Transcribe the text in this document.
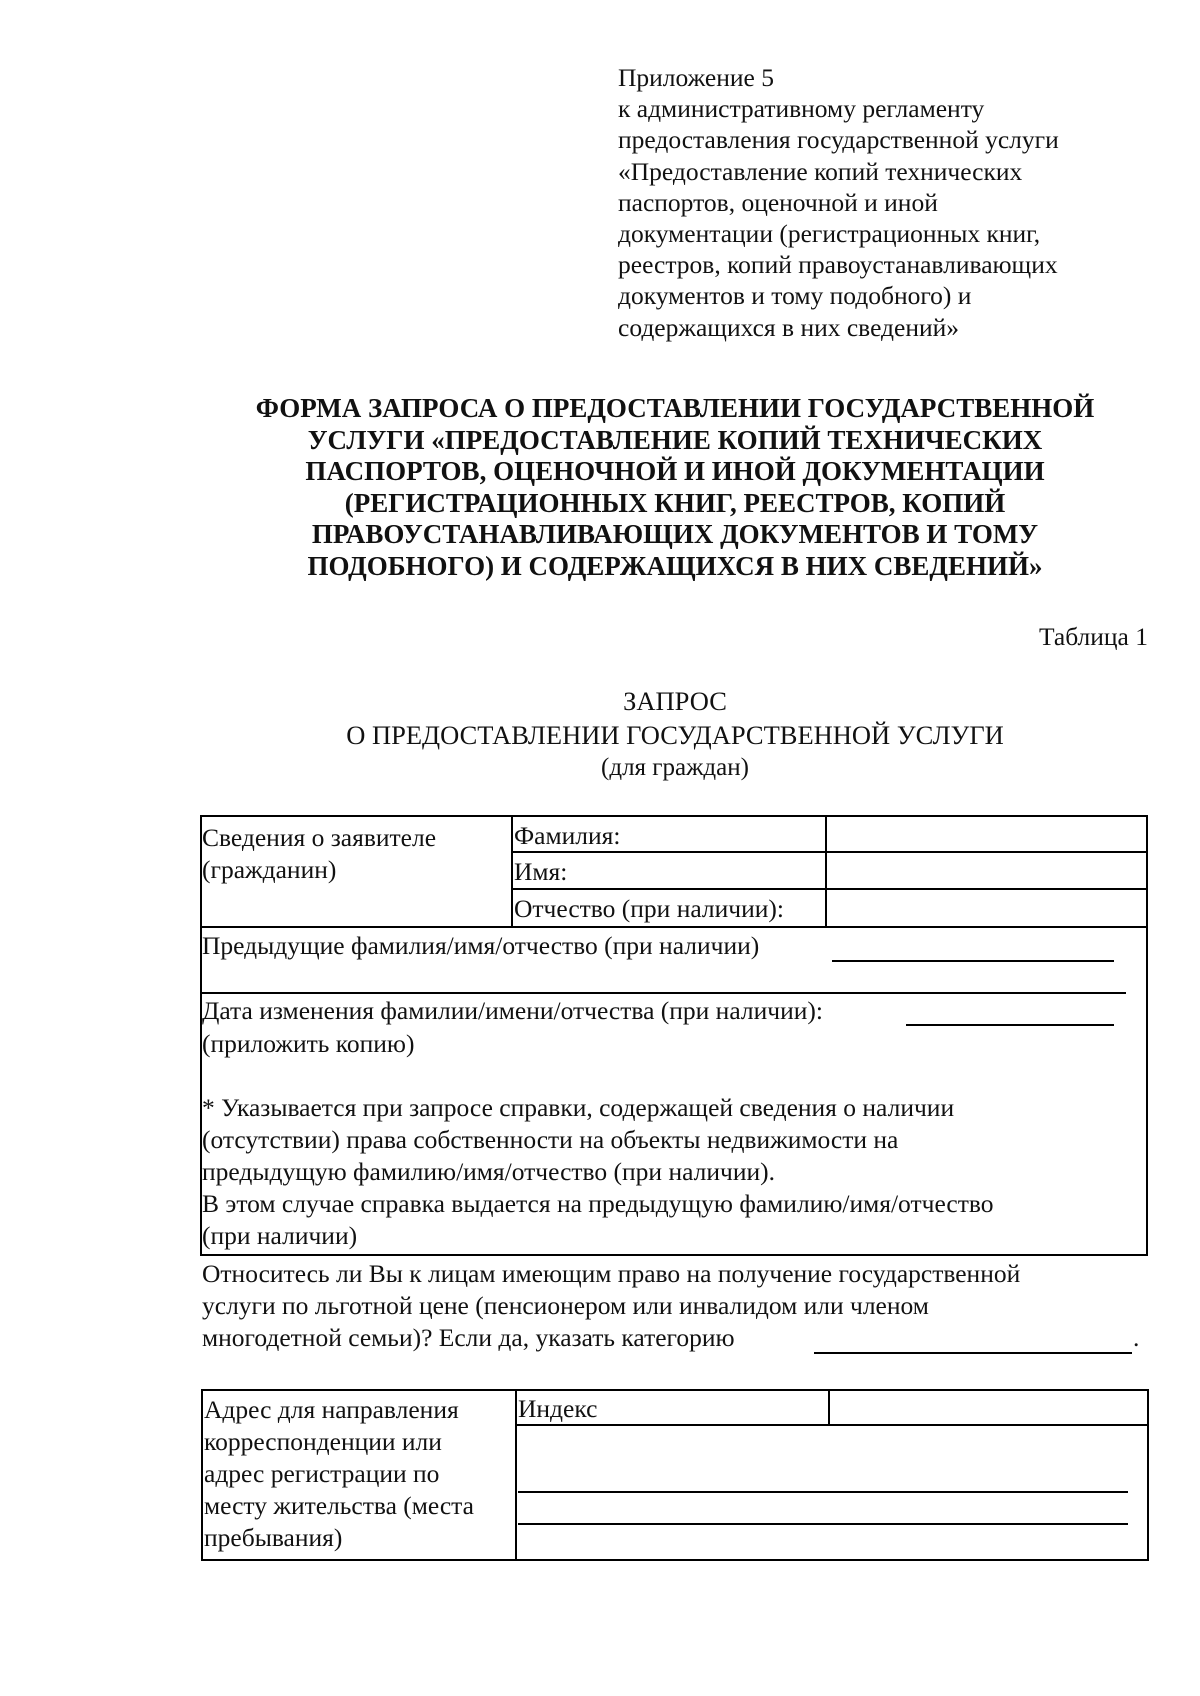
Приложение 5
к административному регламенту
предоставления государственной услуги
«Предоставление копий технических
паспортов, оценочной и иной
документации (регистрационных книг,
реестров, копий правоустанавливающих
документов и тому подобного) и
содержащихся в них сведений»
ФОРМА ЗАПРОСА О ПРЕДОСТАВЛЕНИИ ГОСУДАРСТВЕННОЙ
УСЛУГИ «ПРЕДОСТАВЛЕНИЕ КОПИЙ ТЕХНИЧЕСКИХ
ПАСПОРТОВ, ОЦЕНОЧНОЙ И ИНОЙ ДОКУМЕНТАЦИИ
(РЕГИСТРАЦИОННЫХ КНИГ, РЕЕСТРОВ, КОПИЙ
ПРАВОУСТАНАВЛИВАЮЩИХ ДОКУМЕНТОВ И ТОМУ
ПОДОБНОГО) И СОДЕРЖАЩИХСЯ В НИХ СВЕДЕНИЙ»
Таблица 1
ЗАПРОС
О ПРЕДОСТАВЛЕНИИ ГОСУДАРСТВЕННОЙ УСЛУГИ
(для граждан)
Сведения о заявителе
(гражданин)
Фамилия:
Имя:
Отчество (при наличии):
Предыдущие фамилия/имя/отчество (при наличии)
Дата изменения фамилии/имени/отчества (при наличии):
(приложить копию)
* Указывается при запросе справки, содержащей сведения о наличии
(отсутствии) права собственности на объекты недвижимости на
предыдущую фамилию/имя/отчество (при наличии).
В этом случае справка выдается на предыдущую фамилию/имя/отчество
(при наличии)
Относитесь ли Вы к лицам имеющим право на получение государственной
услуги по льготной цене (пенсионером или инвалидом или членом
многодетной семьи)? Если да, указать категорию	.
Адрес для направления
корреспонденции или
адрес регистрации по
месту жительства (места
пребывания)
Индекс
